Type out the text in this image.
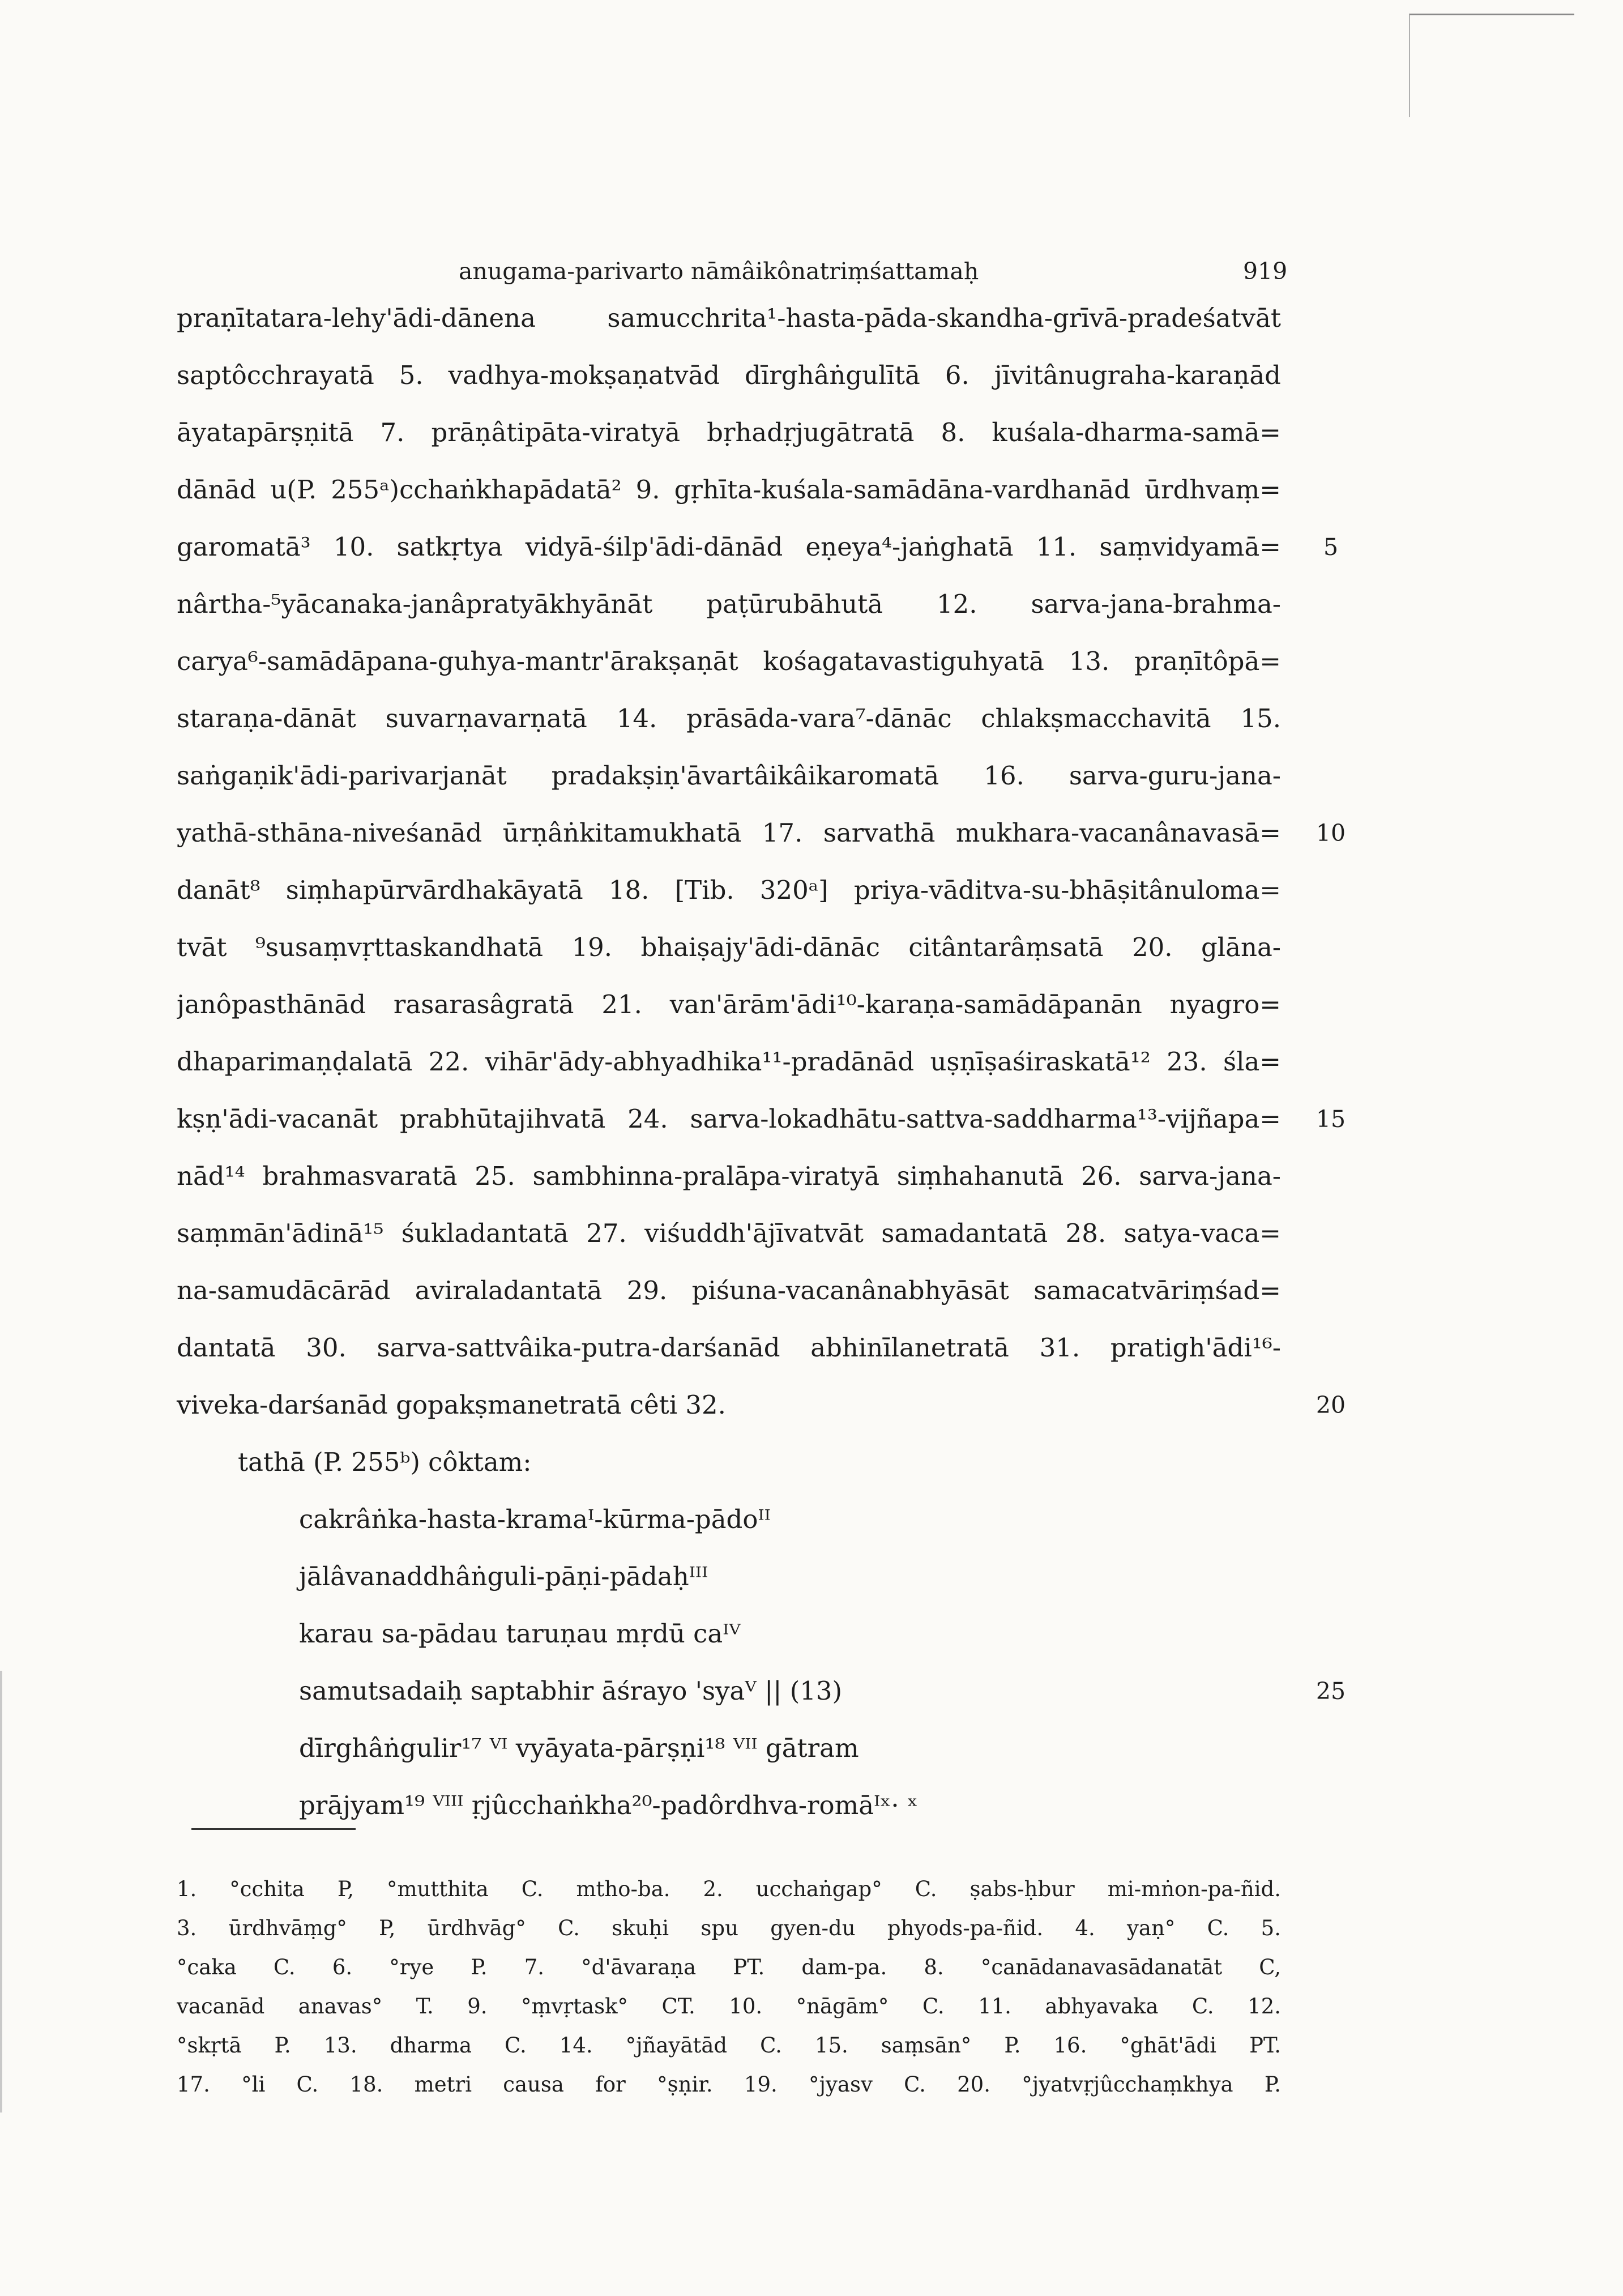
anugama-parivarto nāmâikônatriṃśattamaḥ	919
praṇītatara-lehy'ādi-dānena samucchrita¹-hasta-pāda-skandha-grīvā-pradeśatvāt
saptôcchrayatā 5. vadhya-mokṣaṇatvād dīrghâṅgulītā 6. jīvitânugraha-karaṇād
āyatapārṣṇitā 7. prāṇâtipāta-viratyā bṛhadṛjugātratā 8. kuśala-dharma-samā=
dānād u(P. 255ᵃ)cchaṅkhapādatā² 9. gṛhīta-kuśala-samādāna-vardhanād ūrdhvaṃ=
garomatā³ 10. satkṛtya vidyā-śilp'ādi-dānād eṇeya⁴-jaṅghatā 11. saṃvidyamā=
nârtha-⁵yācanaka-janâpratyākhyānāt paṭūrubāhutā 12. sarva-jana-brahma-
carya⁶-samādāpana-guhya-mantr'ārakṣaṇāt kośagatavastiguhyatā 13. praṇītôpā=
staraṇa-dānāt suvarṇavarṇatā 14. prāsāda-vara⁷-dānāc chlakṣmacchavitā 15.
saṅgaṇik'ādi-parivarjanāt pradakṣiṇ'āvartâikâikaromatā 16. sarva-guru-jana-
yathā-sthāna-niveśanād ūrṇâṅkitamukhatā 17. sarvathā mukhara-vacanânavasā=
danāt⁸ siṃhapūrvārdhakāyatā 18. [Tib. 320ᵃ] priya-vāditva-su-bhāṣitânulomа=
tvāt ⁹susaṃvṛttaskandhatā 19. bhaiṣajy'ādi-dānāc citântarâṃsatā 20. glāna-
janôpasthānād rasarasâgratā 21. van'ārām'ādi¹⁰-karaṇa-samādāpanān nyagro=
dhaparimaṇḍalatā 22. vihār'ādy-abhyadhika¹¹-pradānād uṣṇīṣaśiraskatā¹² 23. śla=
kṣṇ'ādi-vacanāt prabhūtajihvatā 24. sarva-lokadhātu-sattva-saddharma¹³-vijñapa=
nād¹⁴ brahmasvaratā 25. sambhinna-pralāpa-viratyā siṃhahanutā 26. sarva-jana-
saṃmān'ādinā¹⁵ śukladantatā 27. viśuddh'ājīvatvāt samadantatā 28. satya-vaca=
na-samudācārād aviraladantatā 29. piśuna-vacanânabhyāsāt samacatvāriṃśad=
dantatā 30. sarva-sattvâika-putra-darśanād abhinīlanetratā 31. pratigh'ādi¹⁶-
viveka-darśanād gopakṣmanetratā cêti 32.
5
10
15
20
25
tathā (P. 255ᵇ) côktam:
cakrâṅka-hasta-kramaᴵ-kūrma-pādoᴵᴵ
jālâvanaddhâṅguli-pāṇi-pādaḥᴵᴵᴵ
karau sa-pādau taruṇau mṛdū caᴵⱽ
samutsadaiḥ saptabhir āśrayo 'syaⱽ || (13)
dīrghâṅgulir¹⁷ ⱽᴵ vyāyata-pārṣṇi¹⁸ ⱽᴵᴵ gātram
prājyam¹⁹ ⱽᴵᴵᴵ ṛjûcchaṅkha²⁰-padôrdhva-romāᴵˣ· ˣ
1. °cchita P, °mutthita C. mtho-ba. 2. ucchaṅgap° C. ṣabs-ḥbur mi-mṅon-pa-ñid.
3. ūrdhvāṃg° P, ūrdhvāg° C. skuḥi spu gyen-du phyods-pa-ñid. 4. yaṇ° C. 5.
°caka C. 6. °rye P. 7. °d'āvaraṇa PT. dam-pa. 8. °canādanavasādanatāt C,
vacanād anavas° T. 9. °ṃvṛtask° CT. 10. °nāgām° C. 11. abhyavaka C. 12.
°skṛtā P. 13. dharma C. 14. °jñayātād C. 15. saṃsān° P. 16. °ghāt'ādi PT.
17. °li C. 18. metri causa for °ṣṇir. 19. °jyasv C. 20. °jyatvṛjûcchaṃkhya P.
